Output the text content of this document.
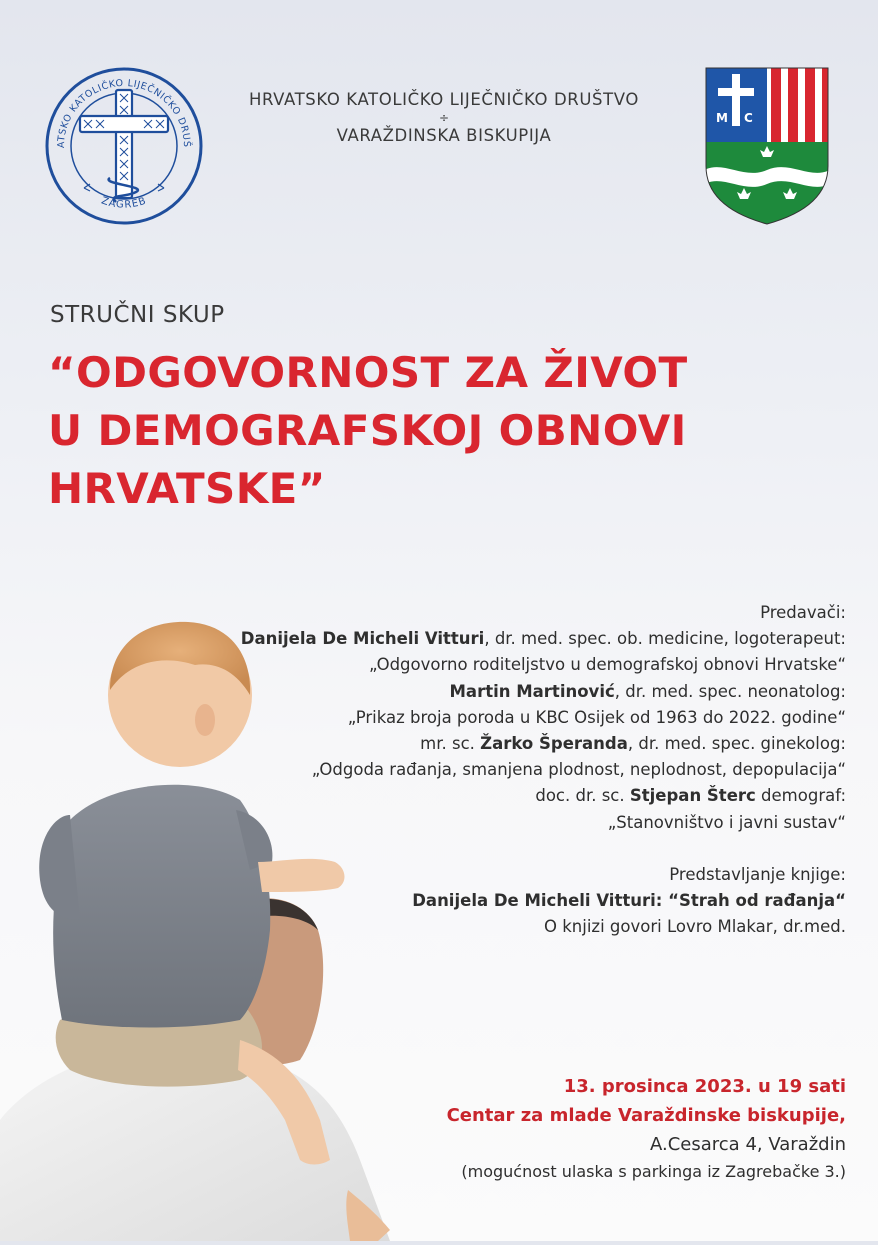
ATSKO KATOLIČKO LIJEČNIČKO DRUŠ
ZAGREB
HRVATSKO KATOLIČKO LIJEČNIČKO DRUŠTVO
÷
VARAŽDINSKA BISKUPIJA
M C
STRUČNI SKUP
“ODGOVORNOST ZA ŽIVOT
U DEMOGRAFSKOJ OBNOVI
HRVATSKE”
Predavači:
Danijela De Micheli Vitturi, dr. med. spec. ob. medicine, logoterapeut:
„Odgovorno roditeljstvo u demografskoj obnovi Hrvatske“
Martin Martinović, dr. med. spec. neonatolog:
„Prikaz broja poroda u KBC Osijek od 1963 do 2022. godine“
mr. sc. Žarko Šperanda, dr. med. spec. ginekolog:
„Odgoda rađanja, smanjena plodnost, neplodnost, depopulacija“
doc. dr. sc. Stjepan Šterc demograf:
„Stanovništvo i javni sustav“
Predstavljanje knjige:
Danijela De Micheli Vitturi: “Strah od rađanja“
O knjizi govori Lovro Mlakar, dr.med.
13. prosinca 2023. u 19 sati
Centar za mlade Varaždinske biskupije,
A.Cesarca 4, Varaždin
(mogućnost ulaska s parkinga iz Zagrebačke 3.)
